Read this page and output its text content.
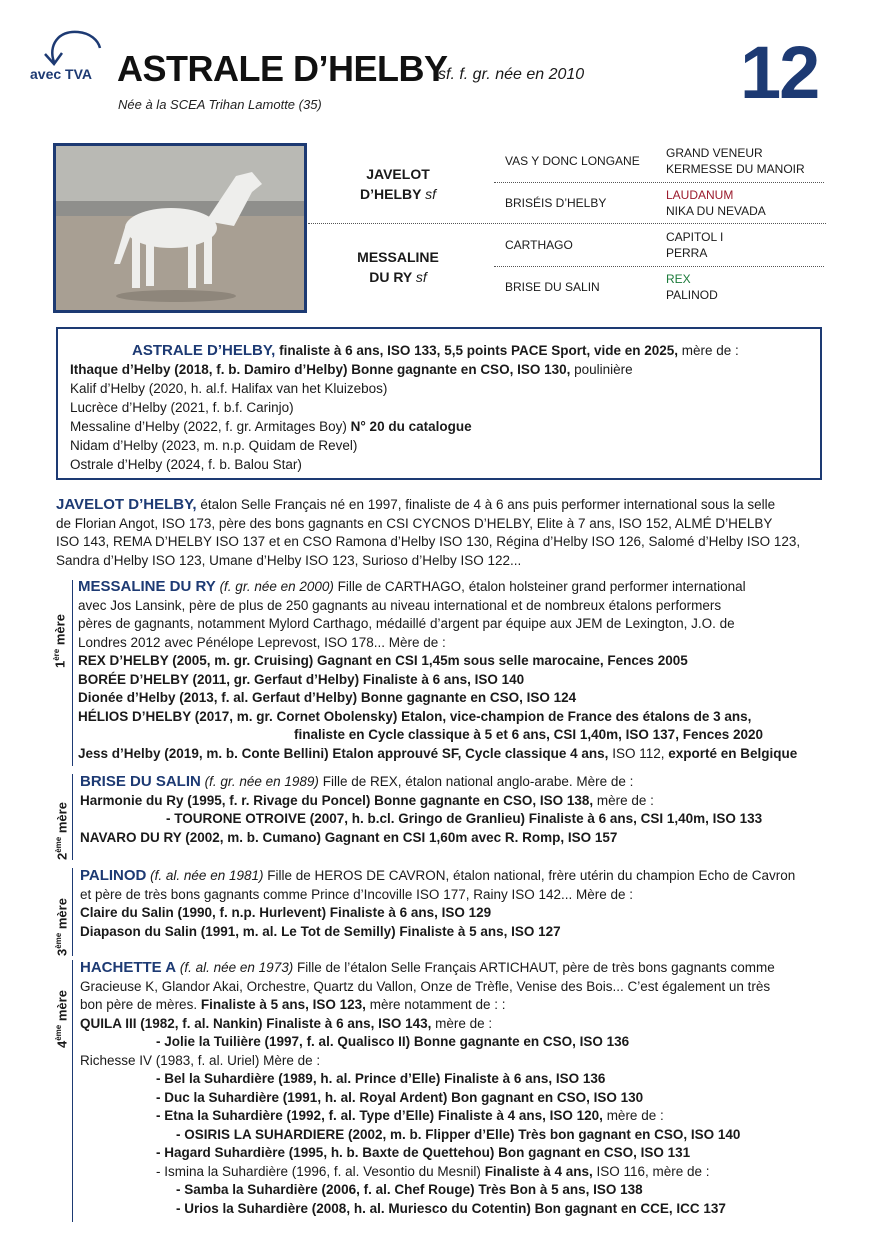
avec TVA ASTRALE D’HELBY
sf. f. gr. née en 2010
Née à la SCEA Trihan Lamotte (35)	12
JAVELOT
D’HELBY sf
MESSALINE
DU RY sf
VAS Y DONC LONGANE
BRISÉIS D’HELBY
CARTHAGO
BRISE DU SALIN
GRAND VENEUR
KERMESSE DU MANOIR
LAUDANUM
NIKA DU NEVADA
CAPITOL I
PERRA
REX
PALINOD
ASTRALE D’HELBY, finaliste à 6 ans, ISO 133, 5,5 points PACE Sport, vide en 2025, mère de :
Ithaque d’Helby (2018, f. b. Damiro d’Helby) Bonne gagnante en CSO, ISO 130, poulinière
Kalif d’Helby (2020, h. al.f. Halifax van het Kluizebos)
Lucrèce d’Helby (2021, f. b.f. Carinjo)
Messaline d’Helby (2022, f. gr. Armitages Boy) N° 20 du catalogue
Nidam d’Helby (2023, m. n.p. Quidam de Revel)
Ostrale d’Helby (2024, f. b. Balou Star)
JAVELOT D’HELBY, étalon Selle Français né en 1997, finaliste de 4 à 6 ans puis performer international sous la selle
de Florian Angot, ISO 173, père des bons gagnants en CSI CYCNOS D’HELBY, Elite à 7 ans, ISO 152, ALMÉ D’HELBY
ISO 143, REMA D’HELBY ISO 137 et en CSO Ramona d’Helby ISO 130, Régina d’Helby ISO 126, Salomé d’Helby ISO 123,
Sandra d’Helby ISO 123, Umane d’Helby ISO 123, Surioso d’Helby ISO 122...
1ère mère
MESSALINE DU RY (f. gr. née en 2000) Fille de CARTHAGO, étalon holsteiner grand performer international
avec Jos Lansink, père de plus de 250 gagnants au niveau international et de nombreux étalons performers
pères de gagnants, notamment Mylord Carthago, médaillé d’argent par équipe aux JEM de Lexington, J.O. de
Londres 2012 avec Pénélope Leprevost, ISO 178... Mère de :
REX D’HELBY (2005, m. gr. Cruising) Gagnant en CSI 1,45m sous selle marocaine, Fences 2005
BORÉE D’HELBY (2011, gr. Gerfaut d’Helby) Finaliste à 6 ans, ISO 140
Dionée d’Helby (2013, f. al. Gerfaut d’Helby) Bonne gagnante en CSO, ISO 124
HÉLIOS D’HELBY (2017, m. gr. Cornet Obolensky) Etalon, vice-champion de France des étalons de 3 ans,
finaliste en Cycle classique à 5 et 6 ans, CSI 1,40m, ISO 137, Fences 2020
Jess d’Helby (2019, m. b. Conte Bellini) Etalon approuvé SF, Cycle classique 4 ans, ISO 112, exporté en Belgique
2ème mère
BRISE DU SALIN (f. gr. née en 1989) Fille de REX, étalon national anglo-arabe. Mère de :
Harmonie du Ry (1995, f. r. Rivage du Poncel) Bonne gagnante en CSO, ISO 138, mère de :
- TOURONE OTROIVE (2007, h. b.cl. Gringo de Granlieu) Finaliste à 6 ans, CSI 1,40m, ISO 133
NAVARO DU RY (2002, m. b. Cumano) Gagnant en CSI 1,60m avec R. Romp, ISO 157
3ème mère
PALINOD (f. al. née en 1981) Fille de HEROS DE CAVRON, étalon national, frère utérin du champion Echo de Cavron
et père de très bons gagnants comme Prince d’Incoville ISO 177, Rainy ISO 142... Mère de :
Claire du Salin (1990, f. n.p. Hurlevent) Finaliste à 6 ans, ISO 129
Diapason du Salin (1991, m. al. Le Tot de Semilly) Finaliste à 5 ans, ISO 127
4ème mère
HACHETTE A (f. al. née en 1973) Fille de l’étalon Selle Français ARTICHAUT, père de très bons gagnants comme
Gracieuse K, Glandor Akai, Orchestre, Quartz du Vallon, Onze de Trèfle, Venise des Bois... C’est également un très
bon père de mères. Finaliste à 5 ans, ISO 123, mère notamment de : :
QUILA III (1982, f. al. Nankin) Finaliste à 6 ans, ISO 143, mère de :
- Jolie la Tuilière (1997, f. al. Qualisco II) Bonne gagnante en CSO, ISO 136
Richesse IV (1983, f. al. Uriel) Mère de :
- Bel la Suhardière (1989, h. al. Prince d’Elle) Finaliste à 6 ans, ISO 136
- Duc la Suhardière (1991, h. al. Royal Ardent) Bon gagnant en CSO, ISO 130
- Etna la Suhardière (1992, f. al. Type d’Elle) Finaliste à 4 ans, ISO 120, mère de :
- OSIRIS LA SUHARDIERE (2002, m. b. Flipper d’Elle) Très bon gagnant en CSO, ISO 140
- Hagard Suhardière (1995, h. b. Baxte de Quettehou) Bon gagnant en CSO, ISO 131
- Ismina la Suhardière (1996, f. al. Vesontio du Mesnil) Finaliste à 4 ans, ISO 116, mère de :
- Samba la Suhardière (2006, f. al. Chef Rouge) Très Bon à 5 ans, ISO 138
- Urios la Suhardière (2008, h. al. Muriesco du Cotentin) Bon gagnant en CCE, ICC 137
